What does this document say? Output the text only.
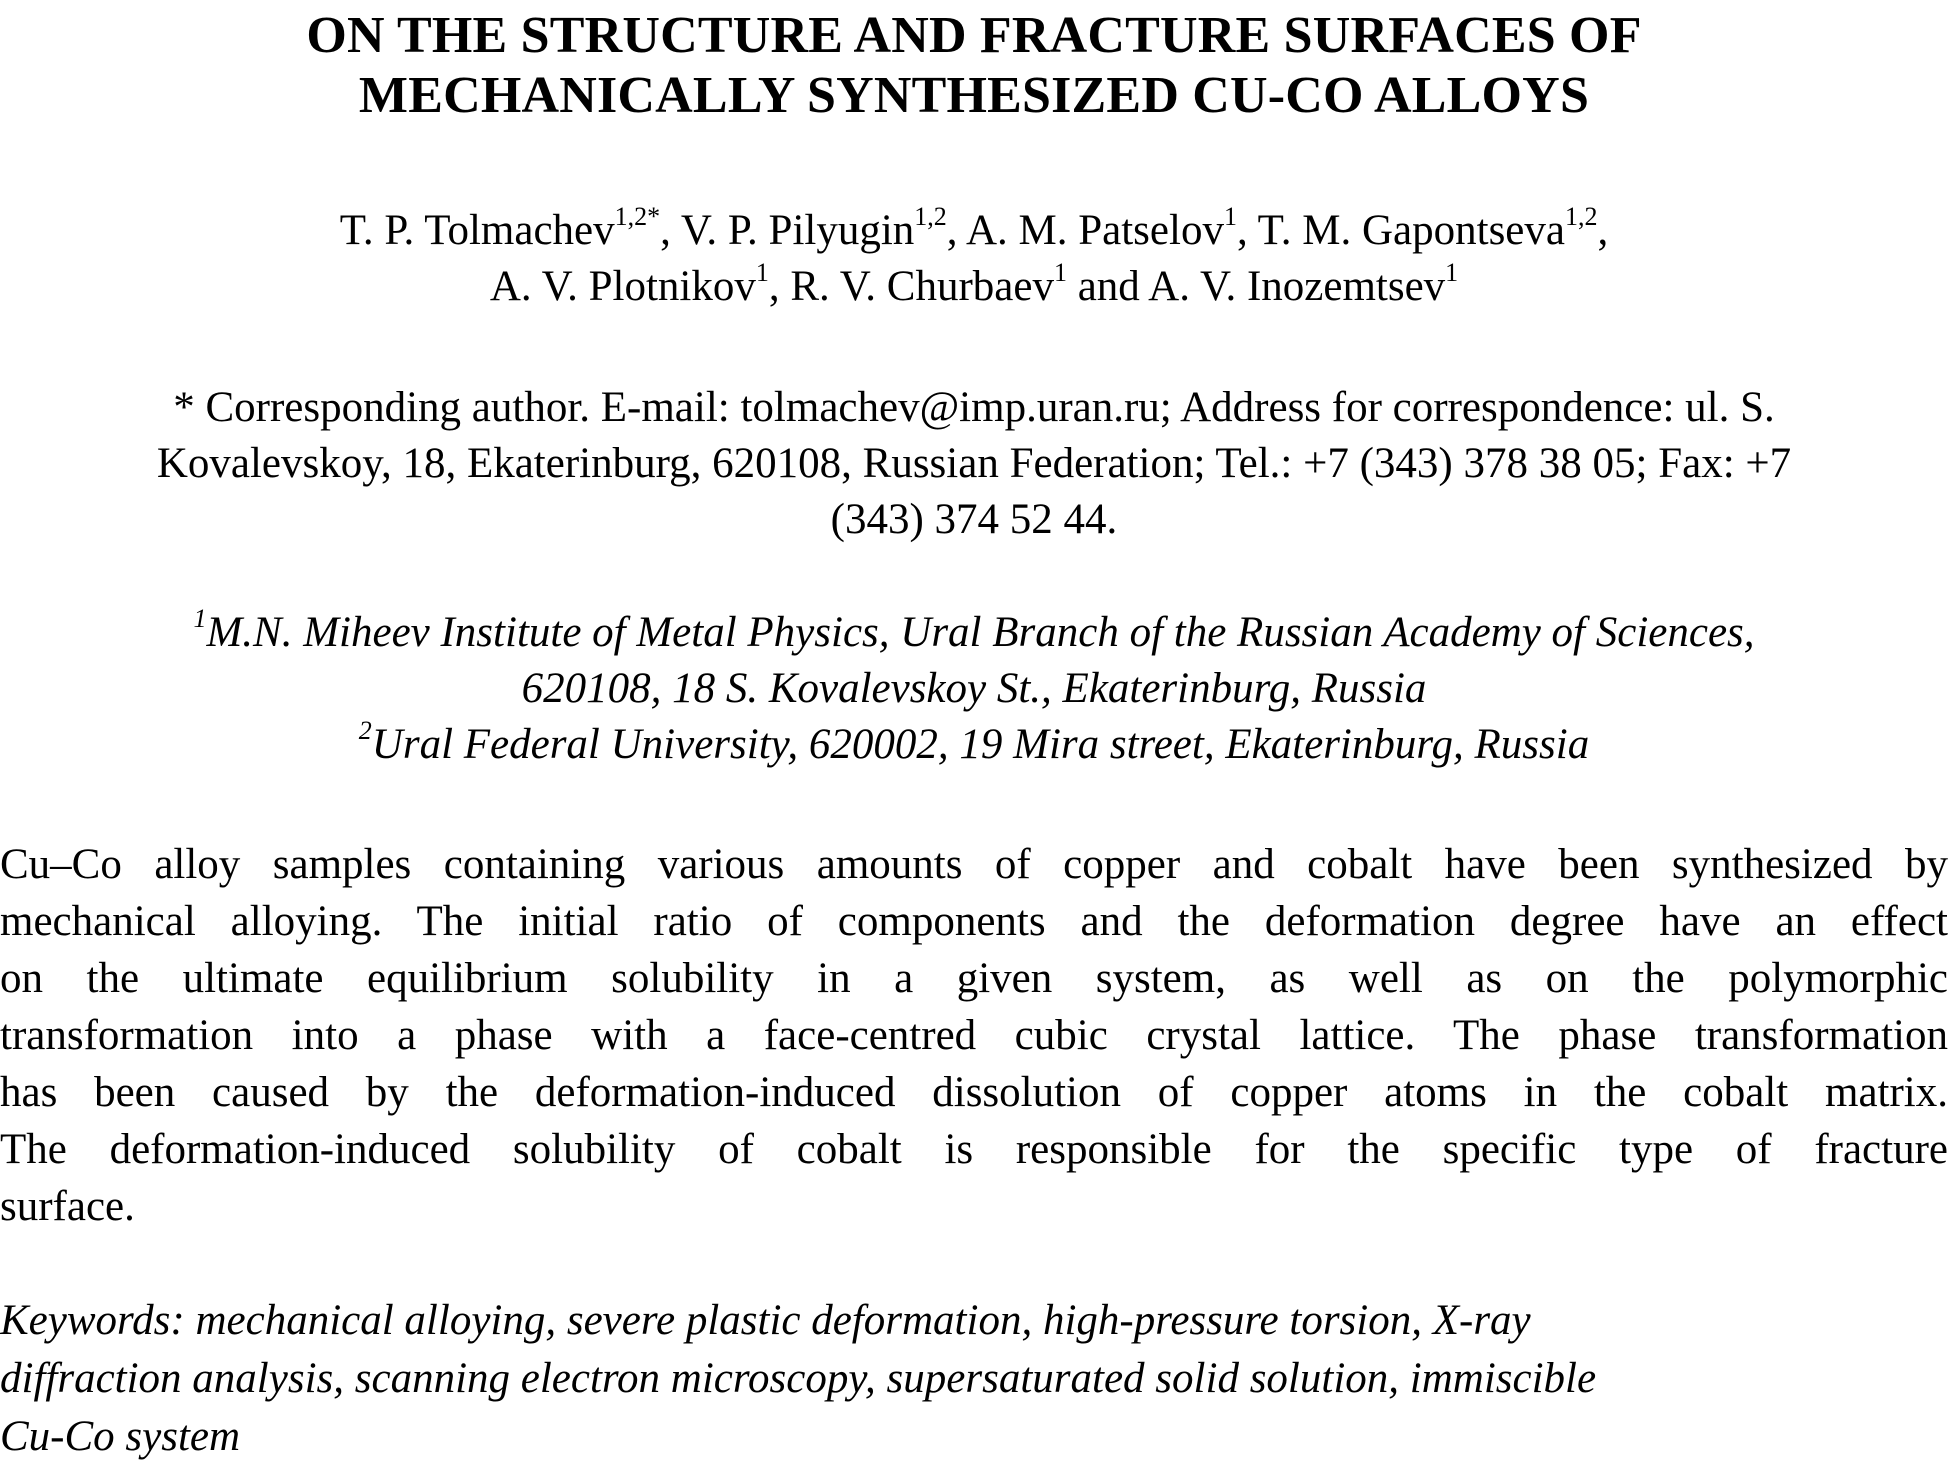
ON THE STRUCTURE AND FRACTURE SURFACES OF
MECHANICALLY SYNTHESIZED CU-CO ALLOYS
T. P. Tolmachev$^{1,2*}$, V. P. Pilyugin$^{1,2}$, A. M. Patselov$^1$, T. M. Gapontseva$^{1,2}$,
A. V. Plotnikov$^1$, R. V. Churbaev$^1$ and A. V. Inozemtsev$^1$
* Corresponding author. E-mail: tolmachev@imp.uran.ru; Address for correspondence: ul. S.
Kovalevskoy, 18, Ekaterinburg, 620108, Russian Federation; Tel.: +7 (343) 378 38 05; Fax: +7
(343) 374 52 44.
$^1$M.N. Miheev Institute of Metal Physics, Ural Branch of the Russian Academy of Sciences,
620108, 18 S. Kovalevskoy St., Ekaterinburg, Russia
$^2$Ural Federal University, 620002, 19 Mira street, Ekaterinburg, Russia
Cu–Co alloy samples containing various amounts of copper and cobalt have been synthesized by
mechanical alloying. The initial ratio of components and the deformation degree have an effect
on the ultimate equilibrium solubility in a given system, as well as on the polymorphic
transformation into a phase with a face-centred cubic crystal lattice. The phase transformation
has been caused by the deformation-induced dissolution of copper atoms in the cobalt matrix.
The deformation-induced solubility of cobalt is responsible for the specific type of fracture
surface.
Keywords: mechanical alloying, severe plastic deformation, high-pressure torsion, X-ray
diffraction analysis, scanning electron microscopy, supersaturated solid solution, immiscible
Cu-Co system
